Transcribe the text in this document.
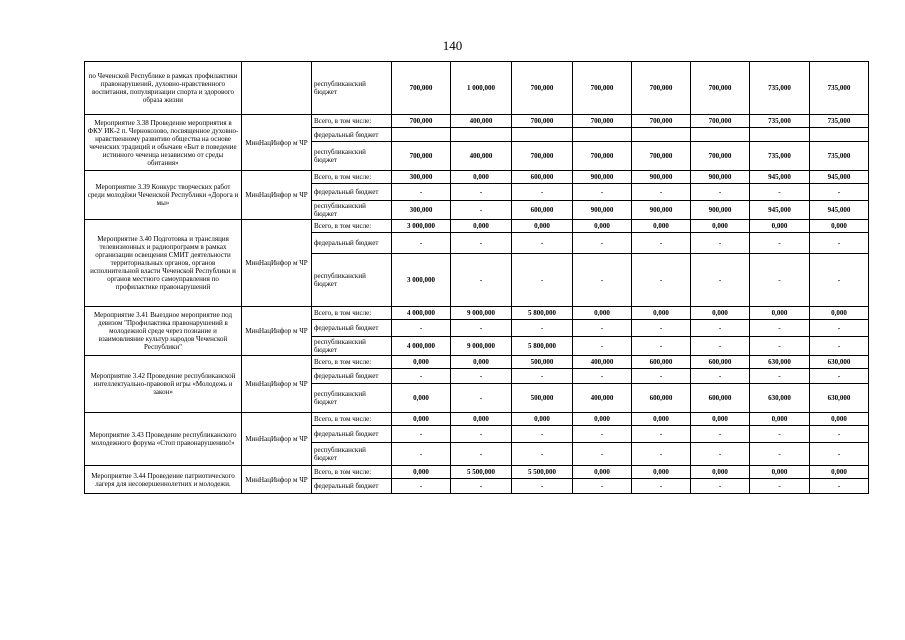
140
по Чеченской Республике в рамках профилактики правонарушений, духовно-нравственного воспитания, популяризации спорта и здорового образа жизни		республиканский бюджет	700,000	1 000,000	700,000	700,000	700,000	700,000	735,000	735,000
Мероприятие 3.38 Проведение мероприятия в ФКУ ИК-2 п. Чернокозово, посвященное духовно-нравственному развитию общества на основе чеченских традиций и обычаев «Быт в поведение истинного чеченца независимо от среды обитания»	МинНацИнфор м ЧР	Всего, в том числе:	700,000	400,000	700,000	700,000	700,000	700,000	735,000	735,000
		федеральный бюджет								
		республиканский бюджет	700,000	400,000	700,000	700,000	700,000	700,000	735,000	735,000
Мероприятие 3.39 Конкурс творческих работ среди молодёжи Чеченской Республики «Дорога и мы»	МинНацИнфор м ЧР	Всего, в том числе:	300,000	0,000	600,000	900,000	900,000	900,000	945,000	945,000
		федеральный бюджет	-	-	-	-	-	-	-	-
		республиканский бюджет	300,000	-	600,000	900,000	900,000	900,000	945,000	945,000
Мероприятие 3.40 Подготовка и трансляция телевизионных и радиопрограмм в рамках организации освещения СМИТ деятельности территориальных органов, органов исполнительной власти Чеченской Республики и органов местного самоуправления по профилактике правонарушений	МинНацИнфор м ЧР	Всего, в том числе:	3 000,000	0,000	0,000	0,000	0,000	0,000	0,000	0,000
		федеральный бюджет	-	-	-	-	-	-	-	-
		республиканский бюджет	3 000,000	-	-	-	-	-	-	-
Мероприятие 3.41 Выездное мероприятие под девизом "Профилактика правонарушений в молодежной среде через познание и взаимовлияние культур народов Чеченской Республики"	МинНацИнфор м ЧР	Всего, в том числе:	4 000,000	9 000,000	5 800,000	0,000	0,000	0,000	0,000	0,000
		федеральный бюджет	-	-	-	-	-	-	-	-
		республиканский бюджет	4 000,000	9 000,000	5 800,000	-	-	-	-	-
Мероприятие 3.42 Проведение республиканской интеллектуально-правовой игры «Молодежь и закон»	МинНацИнфор м ЧР	Всего, в том числе:	0,000	0,000	500,000	400,000	600,000	600,000	630,000	630,000
		федеральный бюджет	-	-	-	-	-	-	-	-
		республиканский бюджет	0,000	-	500,000	400,000	600,000	600,000	630,000	630,000
Мероприятие 3.43 Проведение республиканского молодежного форума «Стоп правонарушению!»	МинНацИнфор м ЧР	Всего, в том числе:	0,000	0,000	0,000	0,000	0,000	0,000	0,000	0,000
		федеральный бюджет	-	-	-	-	-	-	-	-
		республиканский бюджет	-	-	-	-	-	-	-	-
Мероприятие 3.44 Проведение патриотического лагеря для несовершеннолетних и молодежи.	МинНацИнфор м ЧР	Всего, в том числе:	0,000	5 500,000	5 500,000	0,000	0,000	0,000	0,000	0,000
		федеральный бюджет	-	-	-	-	-	-	-	-
